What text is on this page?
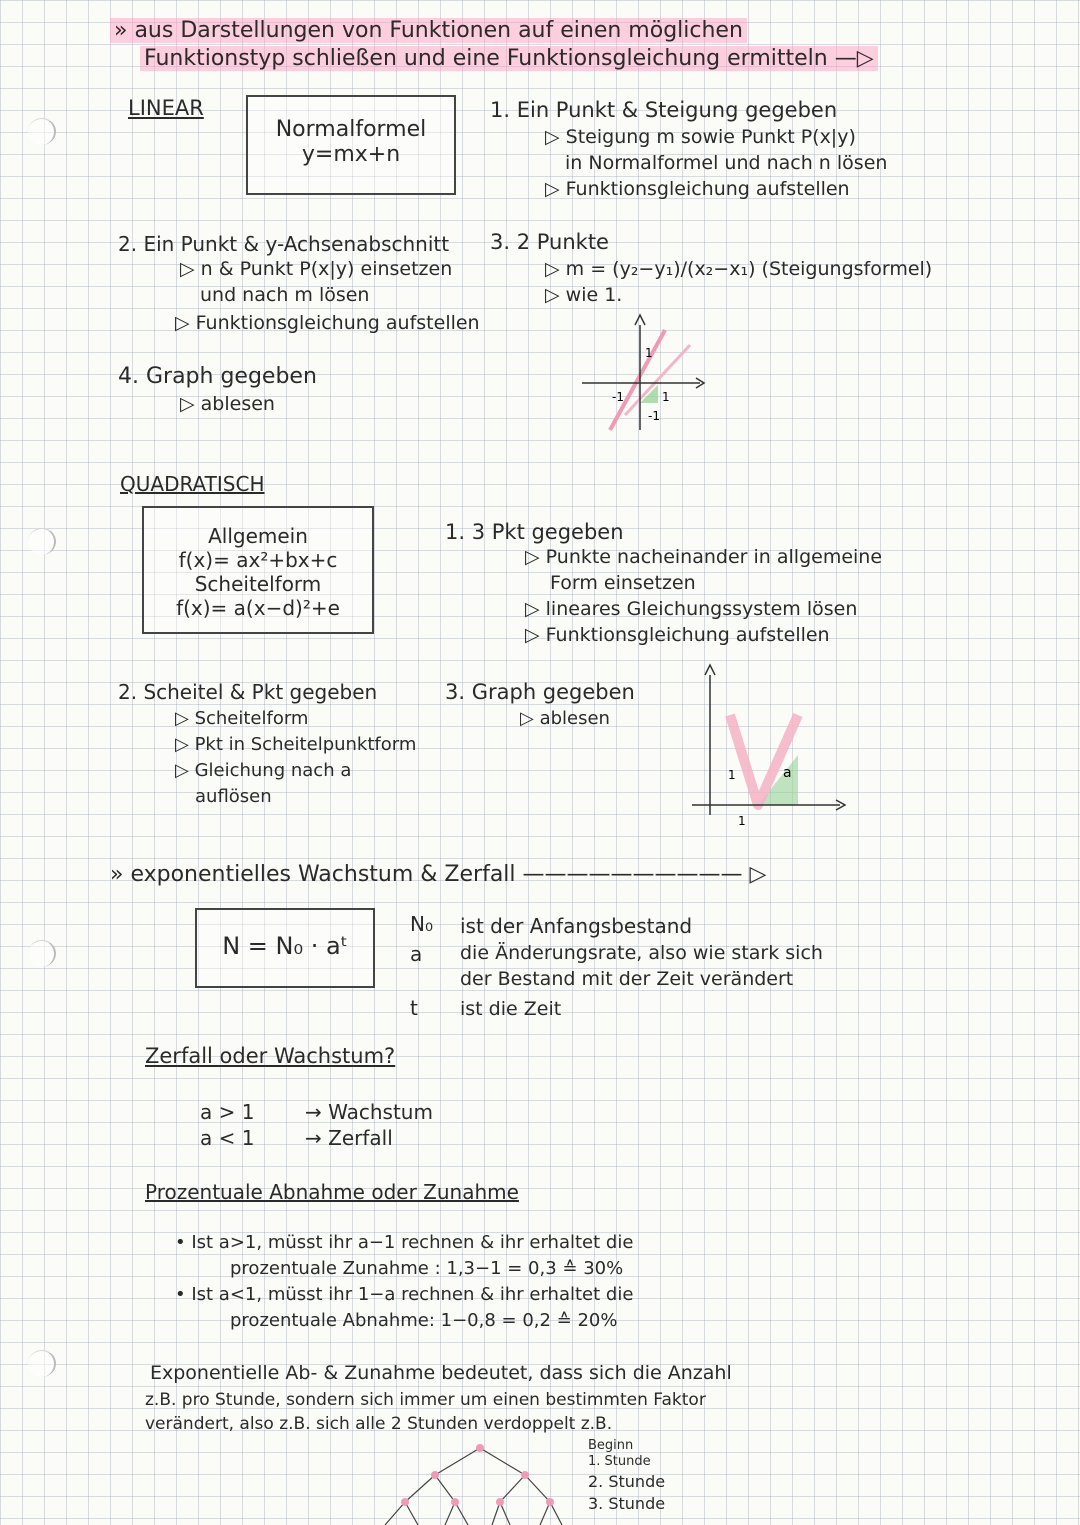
» aus Darstellungen von Funktionen auf einen möglichen
Funktionstyp schließen und eine Funktionsgleichung ermitteln —▷
LINEAR
Normalformel
y=mx+n
1. Ein Punkt & Steigung gegeben
▷ Steigung m sowie Punkt P(x|y)
in Normalformel und nach n lösen
▷ Funktionsgleichung aufstellen
2. Ein Punkt & y-Achsenabschnitt
▷ n & Punkt P(x|y) einsetzen
und nach m lösen
▷ Funktionsgleichung aufstellen
3. 2 Punkte
▷ m = (y₂−y₁)/(x₂−x₁) (Steigungsformel)
▷ wie 1.
1
-1	1
-1
4. Graph gegeben
▷ ablesen
QUADRATISCH
Allgemein
f(x)= ax²+bx+c
Scheitelform
f(x)= a(x−d)²+e
1. 3 Pkt gegeben
▷ Punkte nacheinander in allgemeine
Form einsetzen
▷ lineares Gleichungssystem lösen
▷ Funktionsgleichung aufstellen
2. Scheitel & Pkt gegeben
▷ Scheitelform
▷ Pkt in Scheitelpunktform
▷ Gleichung nach a
auflösen
3. Graph gegeben
▷ ablesen
1
1
a
» exponentielles Wachstum & Zerfall —————————— ▷
N = N₀ · aᵗ
N₀ ist der Anfangsbestand
a die Änderungsrate, also wie stark sich
der Bestand mit der Zeit verändert
t ist die Zeit
Zerfall oder Wachstum?
a > 1	→ Wachstum
a < 1	→ Zerfall
Prozentuale Abnahme oder Zunahme
• Ist a>1, müsst ihr a−1 rechnen & ihr erhaltet die
prozentuale Zunahme : 1,3−1 = 0,3 ≙ 30%
• Ist a<1, müsst ihr 1−a rechnen & ihr erhaltet die
prozentuale Abnahme: 1−0,8 = 0,2 ≙ 20%
Exponentielle Ab- & Zunahme bedeutet, dass sich die Anzahl
z.B. pro Stunde, sondern sich immer um einen bestimmten Faktor
verändert, also z.B. sich alle 2 Stunden verdoppelt z.B.
Beginn
1. Stunde
2. Stunde
3. Stunde
